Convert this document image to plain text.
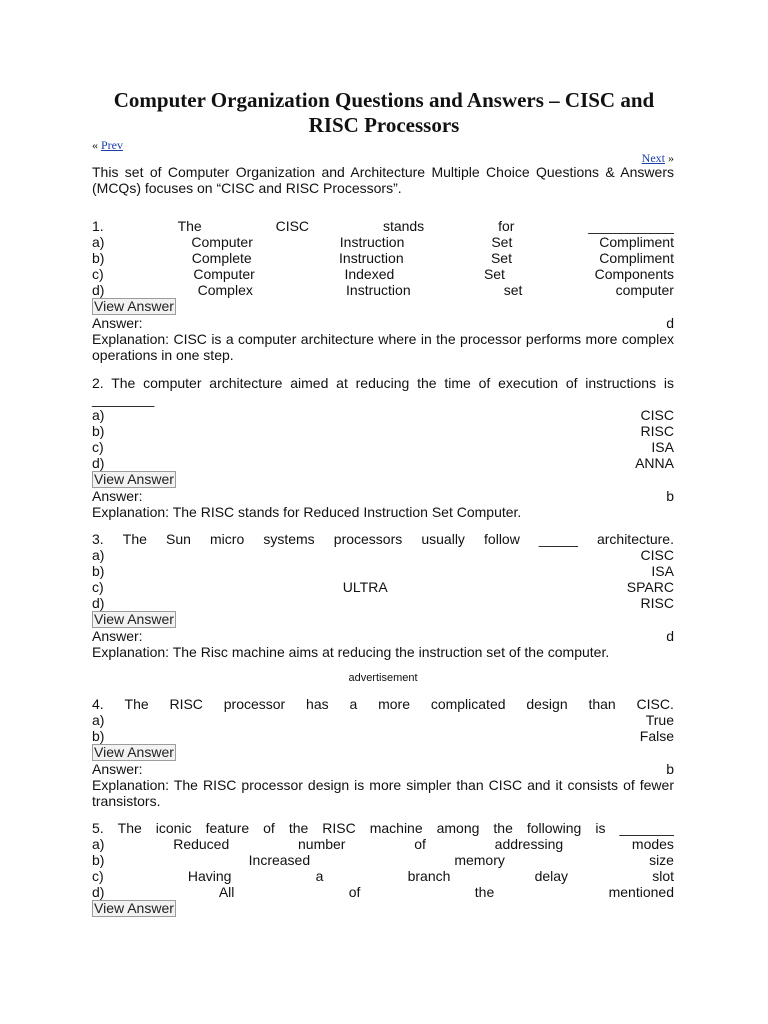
Computer Organization Questions and Answers – CISC and RISC Processors
« Prev
Next »
This set of Computer Organization and Architecture Multiple Choice Questions & Answers (MCQs) focuses on “CISC and RISC Processors”.
1.	The	CISC	stands	for	___________
a)	Computer	Instruction	Set	Compliment
b)	Complete	Instruction	Set	Compliment
c)	Computer	Indexed	Set	Components
d)	Complex	Instruction	set	computer
View Answer
Answer:	d
Explanation: CISC is a computer architecture where in the processor performs more complex operations in one step.
2. The computer architecture aimed at reducing the time of execution of instructions is ________
a)	CISC
b)	RISC
c)	ISA
d)	ANNA
View Answer
Answer:	b
Explanation: The RISC stands for Reduced Instruction Set Computer.
3. The Sun micro systems processors usually follow _____ architecture.
a)	CISC
b)	ISA
c)	ULTRA	SPARC
d)	RISC
View Answer
Answer:	d
Explanation: The Risc machine aims at reducing the instruction set of the computer.
advertisement
4. The RISC processor has a more complicated design than CISC.
a)	True
b)	False
View Answer
Answer:	b
Explanation: The RISC processor design is more simpler than CISC and it consists of fewer transistors.
5. The iconic feature of the RISC machine among the following is _______
a)	Reduced	number	of	addressing	modes
b)	Increased	memory	size
c)	Having	a	branch	delay	slot
d)	All	of	the	mentioned
View Answer
